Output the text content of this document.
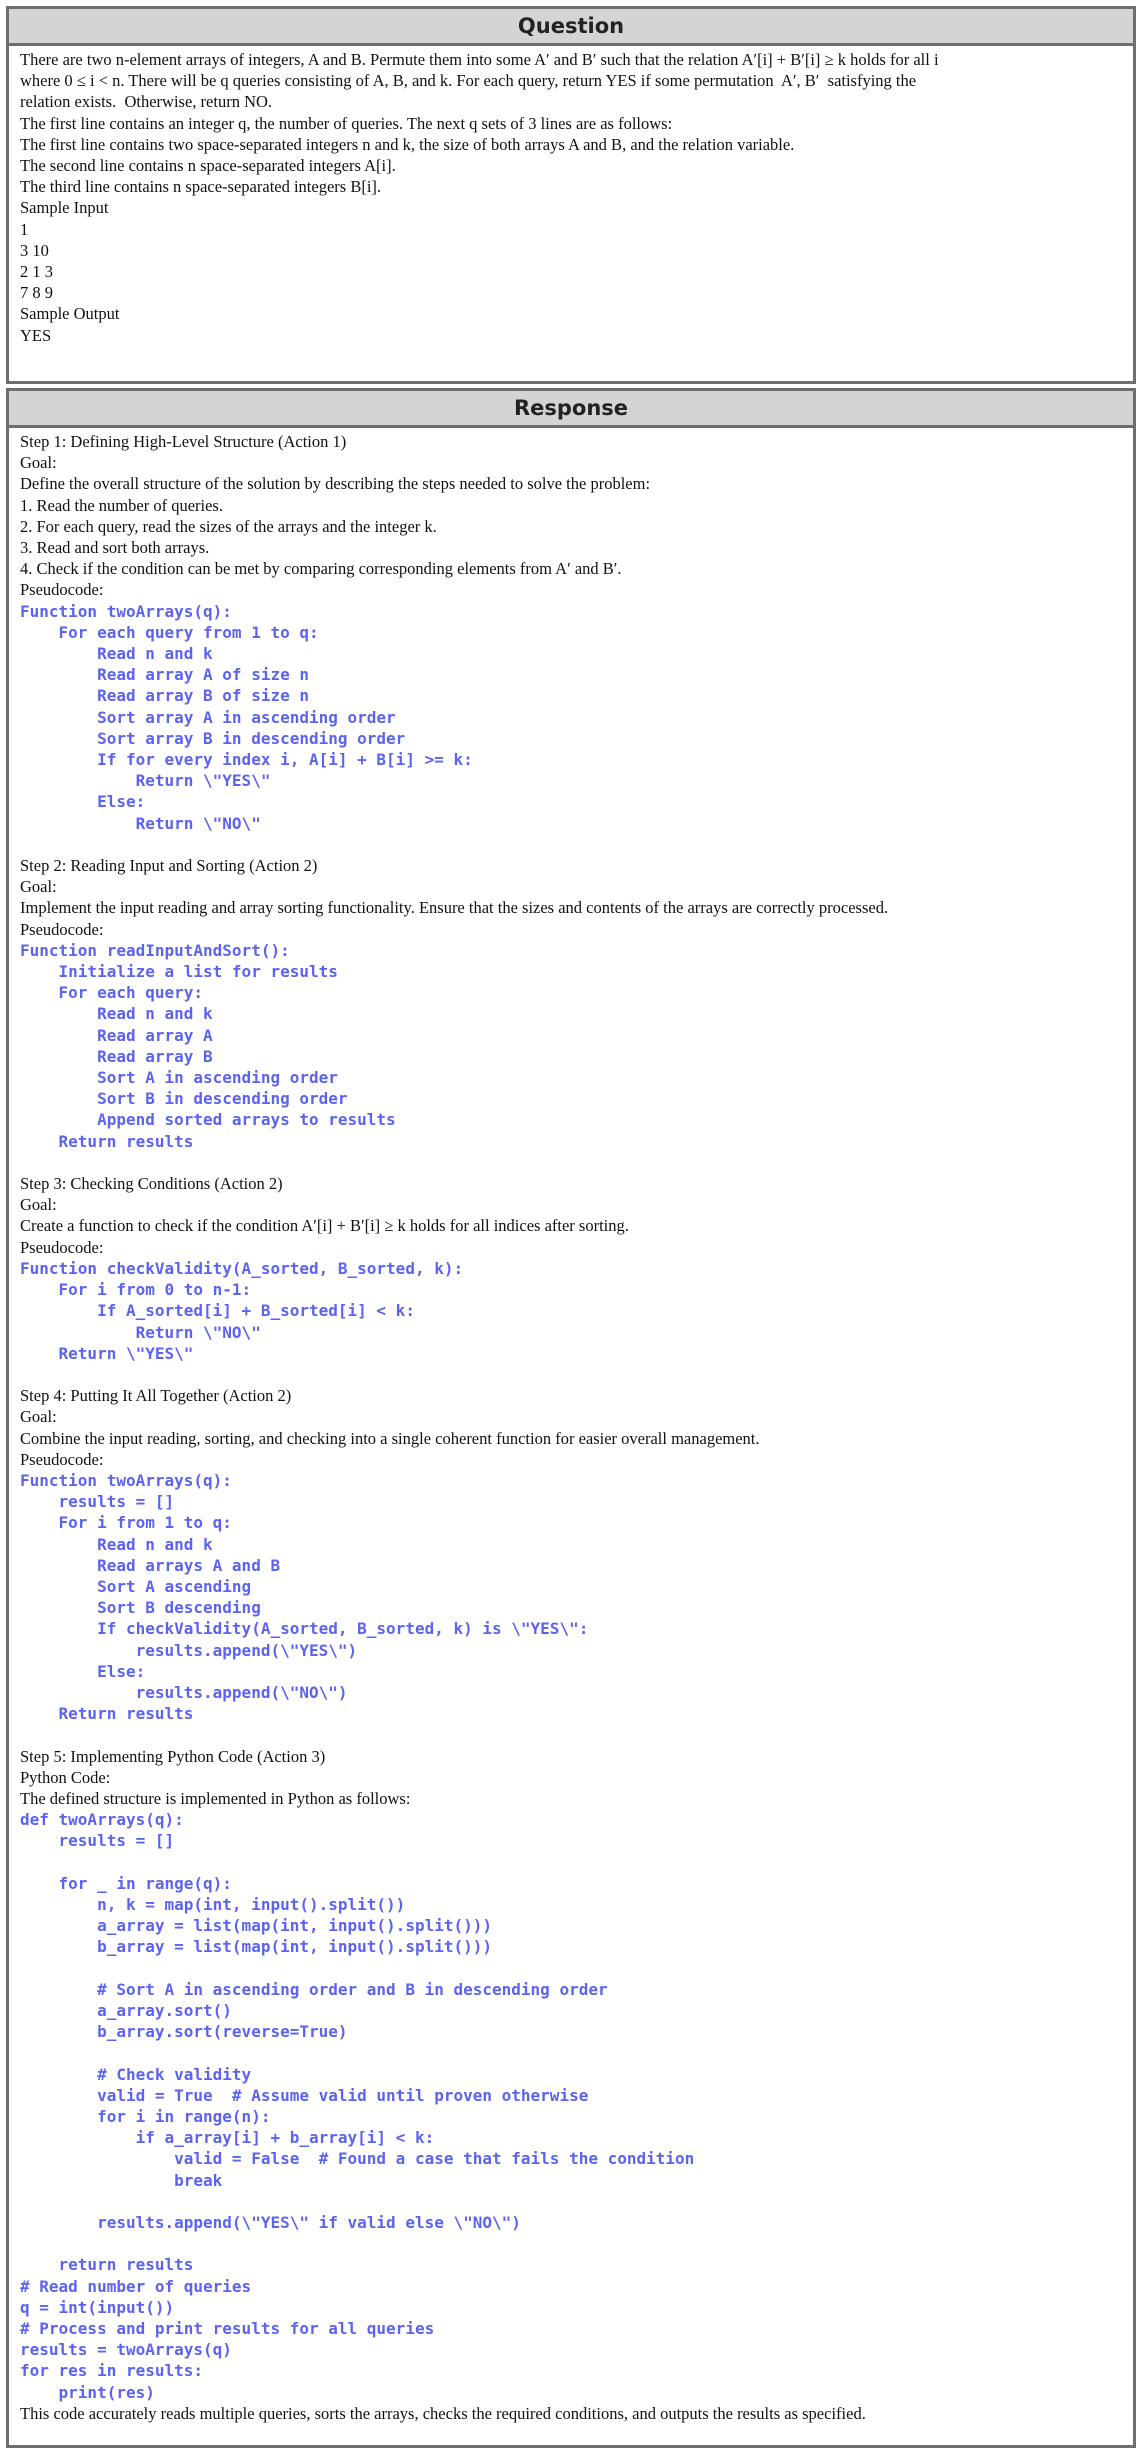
Question
There are two n-element arrays of integers, A and B. Permute them into some A′ and B′ such that the relation A′[i] + B′[i] ≥ k holds for all i
where 0 ≤ i < n. There will be q queries consisting of A, B, and k. For each query, return YES if some permutation  A′, B′  satisfying the
relation exists.  Otherwise, return NO.
The first line contains an integer q, the number of queries. The next q sets of 3 lines are as follows:
The first line contains two space-separated integers n and k, the size of both arrays A and B, and the relation variable.
The second line contains n space-separated integers A[i].
The third line contains n space-separated integers B[i].
Sample Input
1
3 10
2 1 3
7 8 9
Sample Output
YES
Response
Step 1: Defining High-Level Structure (Action 1)
Goal:
Define the overall structure of the solution by describing the steps needed to solve the problem:
1. Read the number of queries.
2. For each query, read the sizes of the arrays and the integer k.
3. Read and sort both arrays.
4. Check if the condition can be met by comparing corresponding elements from A′ and B′.
Pseudocode:
Function twoArrays(q):
For each query from 1 to q:
Read n and k
Read array A of size n
Read array B of size n
Sort array A in ascending order
Sort array B in descending order
If for every index i, A[i] + B[i] >= k:
Return \"YES\"
Else:
Return \"NO\"
Step 2: Reading Input and Sorting (Action 2)
Goal:
Implement the input reading and array sorting functionality. Ensure that the sizes and contents of the arrays are correctly processed.
Pseudocode:
Function readInputAndSort():
Initialize a list for results
For each query:
Read n and k
Read array A
Read array B
Sort A in ascending order
Sort B in descending order
Append sorted arrays to results
Return results
Step 3: Checking Conditions (Action 2)
Goal:
Create a function to check if the condition A′[i] + B′[i] ≥ k holds for all indices after sorting.
Pseudocode:
Function checkValidity(A_sorted, B_sorted, k):
For i from 0 to n-1:
If A_sorted[i] + B_sorted[i] < k:
Return \"NO\"
Return \"YES\"
Step 4: Putting It All Together (Action 2)
Goal:
Combine the input reading, sorting, and checking into a single coherent function for easier overall management.
Pseudocode:
Function twoArrays(q):
results = []
For i from 1 to q:
Read n and k
Read arrays A and B
Sort A ascending
Sort B descending
If checkValidity(A_sorted, B_sorted, k) is \"YES\":
results.append(\"YES\")
Else:
results.append(\"NO\")
Return results
Step 5: Implementing Python Code (Action 3)
Python Code:
The defined structure is implemented in Python as follows:
def twoArrays(q):
results = []
for _ in range(q):
n, k = map(int, input().split())
a_array = list(map(int, input().split()))
b_array = list(map(int, input().split()))
# Sort A in ascending order and B in descending order
a_array.sort()
b_array.sort(reverse=True)
# Check validity
valid = True  # Assume valid until proven otherwise
for i in range(n):
if a_array[i] + b_array[i] < k:
valid = False  # Found a case that fails the condition
break
results.append(\"YES\" if valid else \"NO\")
return results
# Read number of queries
q = int(input())
# Process and print results for all queries
results = twoArrays(q)
for res in results:
print(res)
This code accurately reads multiple queries, sorts the arrays, checks the required conditions, and outputs the results as specified.
